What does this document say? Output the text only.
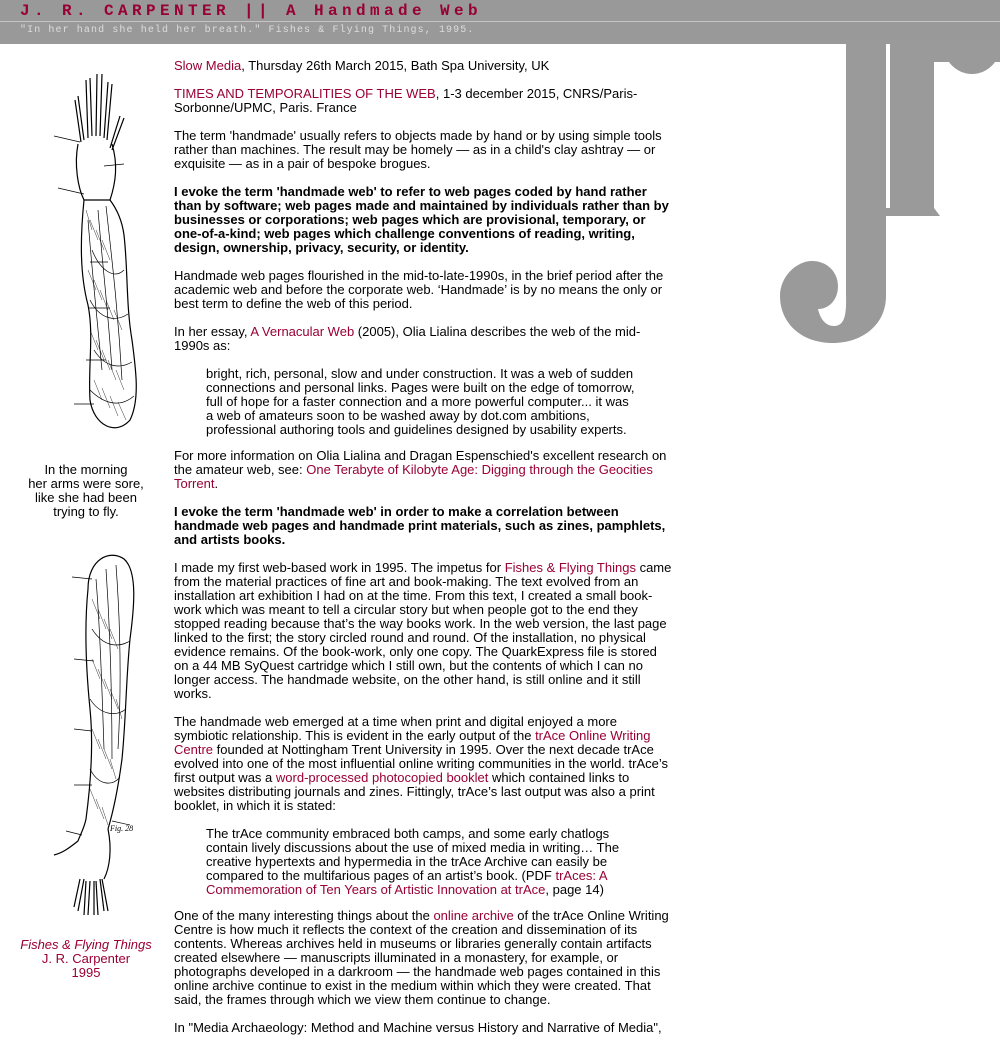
J. R. CARPENTER || A Handmade Web
"In her hand she held her breath." Fishes & Flying Things, 1995.
In the morning
her arms were sore,
like she had been
trying to fly.
Fig. 28
Fishes & Flying Things
J. R. Carpenter
1995

Slow Media, Thursday 26th March 2015, Bath Spa University, UK

TIMES AND TEMPORALITIES OF THE WEB, 1-3 december 2015, CNRS/Paris-Sorbonne/UPMC, Paris. France

The term 'handmade' usually refers to objects made by hand or by using simple tools rather than machines. The result may be homely — as in a child's clay ashtray — or exquisite — as in a pair of bespoke brogues.

I evoke the term 'handmade web' to refer to web pages coded by hand rather than by software; web pages made and maintained by individuals rather than by businesses or corporations; web pages which are provisional, temporary, or one-of-a-kind; web pages which challenge conventions of reading, writing, design, ownership, privacy, security, or identity.

Handmade web pages flourished in the mid-to-late-1990s, in the brief period after the academic web and before the corporate web. ‘Handmade’ is by no means the only or best term to define the web of this period.

In her essay, A Vernacular Web (2005), Olia Lialina describes the web of the mid-1990s as:

bright, rich, personal, slow and under construction. It was a web of sudden connections and personal links. Pages were built on the edge of tomorrow, full of hope for a faster connection and a more powerful computer... it was a web of amateurs soon to be washed away by dot.com ambitions, professional authoring tools and guidelines designed by usability experts.

For more information on Olia Lialina and Dragan Espenschied's excellent research on the amateur web, see: One Terabyte of Kilobyte Age: Digging through the Geocities Torrent.

I evoke the term 'handmade web' in order to make a correlation between handmade web pages and handmade print materials, such as zines, pamphlets, and artists books.

I made my first web-based work in 1995. The impetus for Fishes & Flying Things came from the material practices of fine art and book-making. The text evolved from an installation art exhibition I had on at the time. From this text, I created a small book-work which was meant to tell a circular story but when people got to the end they stopped reading because that’s the way books work. In the web version, the last page linked to the first; the story circled round and round. Of the installation, no physical evidence remains. Of the book-work, only one copy. The QuarkExpress file is stored on a 44 MB SyQuest cartridge which I still own, but the contents of which I can no longer access. The handmade website, on the other hand, is still online and it still works.

The handmade web emerged at a time when print and digital enjoyed a more symbiotic relationship. This is evident in the early output of the trAce Online Writing Centre founded at Nottingham Trent University in 1995. Over the next decade trAce evolved into one of the most influential online writing communities in the world. trAce’s first output was a word-processed photocopied booklet which contained links to websites distributing journals and zines. Fittingly, trAce’s last output was also a print booklet, in which it is stated:

The trAce community embraced both camps, and some early chatlogs contain lively discussions about the use of mixed media in writing… The creative hypertexts and hypermedia in the trAce Archive can easily be compared to the multifarious pages of an artist’s book. (PDF trAces: A Commemoration of Ten Years of Artistic Innovation at trAce, page 14)

One of the many interesting things about the online archive of the trAce Online Writing Centre is how much it reflects the context of the creation and dissemination of its contents. Whereas archives held in museums or libraries generally contain artifacts created elsewhere — manuscripts illuminated in a monastery, for example, or photographs developed in a darkroom — the handmade web pages contained in this online archive continue to exist in the medium within which they were created. That said, the frames through which we view them continue to change.

In "Media Archaeology: Method and Machine versus History and Narrative of Media",
